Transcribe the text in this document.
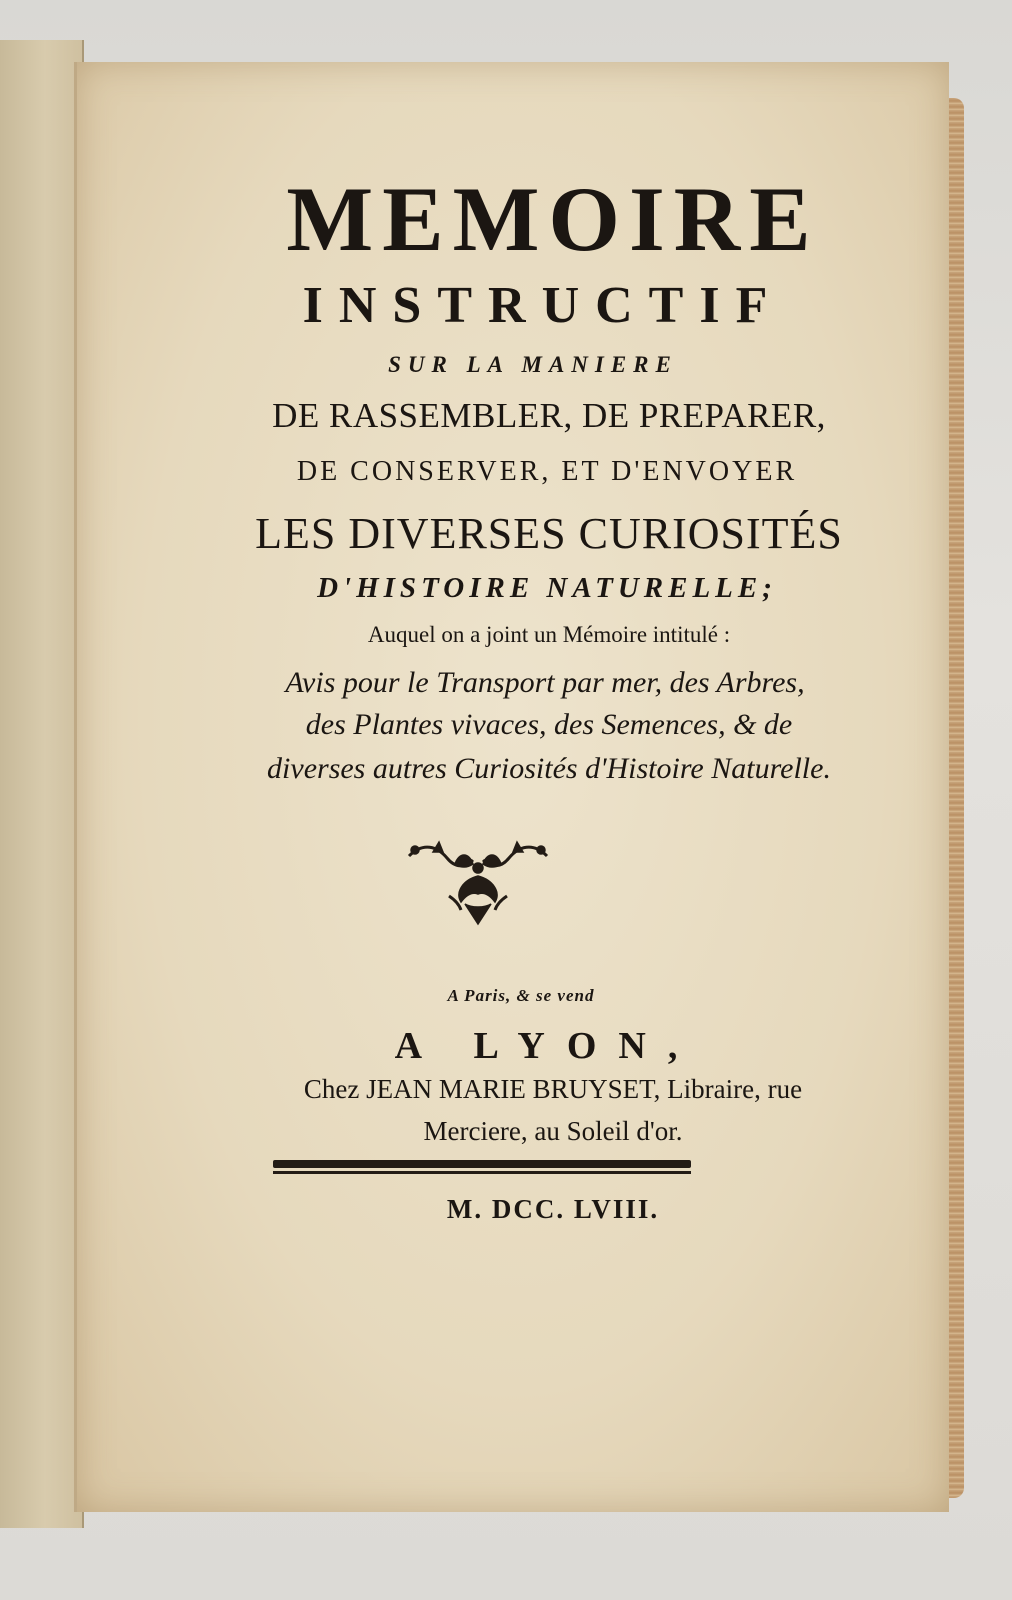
MEMOIRE
INSTRUCTIF
SUR LA MANIERE
DE RASSEMBLER, DE PREPARER,
DE CONSERVER, ET D'ENVOYER
LES DIVERSES CURIOSITÉS
D'HISTOIRE NATURELLE;
Auquel on a joint un Mémoire intitulé :
Avis pour le Transport par mer, des Arbres,
des Plantes vivaces, des Semences, & de
diverses autres Curiosités d'Histoire Naturelle.
A Paris, & se vend
A LYON,
Chez JEAN MARIE BRUYSET, Libraire, rue
Merciere, au Soleil d'or.
M. DCC. LVIII.
